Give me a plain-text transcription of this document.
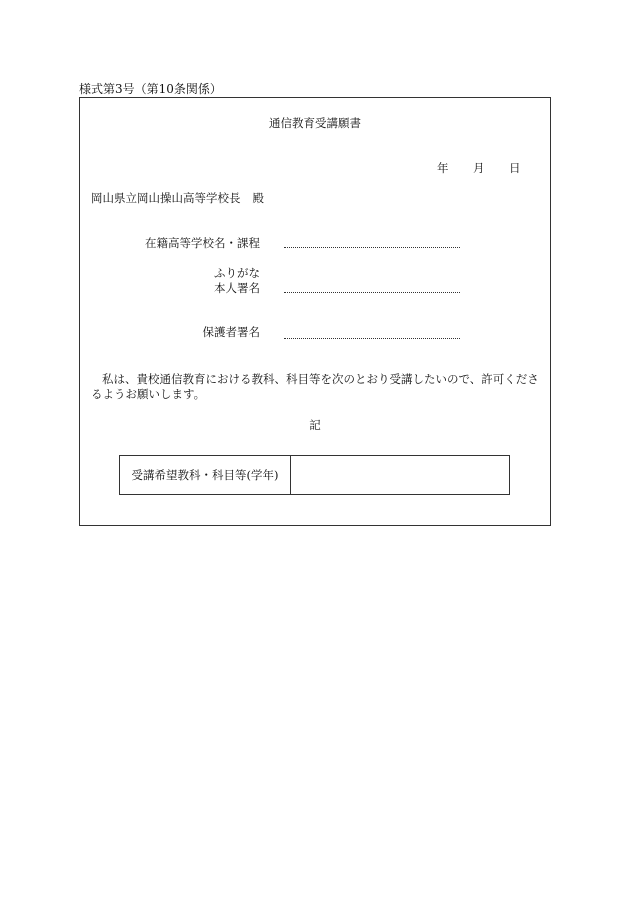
様式第3号（第10条関係）
通信教育受講願書
年 月 日
岡山県立岡山操山高等学校長 殿
在籍高等学校名・課程
ふりがな
本人署名
保護者署名
私は、貴校通信教育における教科、科目等を次のとおり受講したいので、許可くださるようお願いします。
記
受講希望教科・科目等(学年)
